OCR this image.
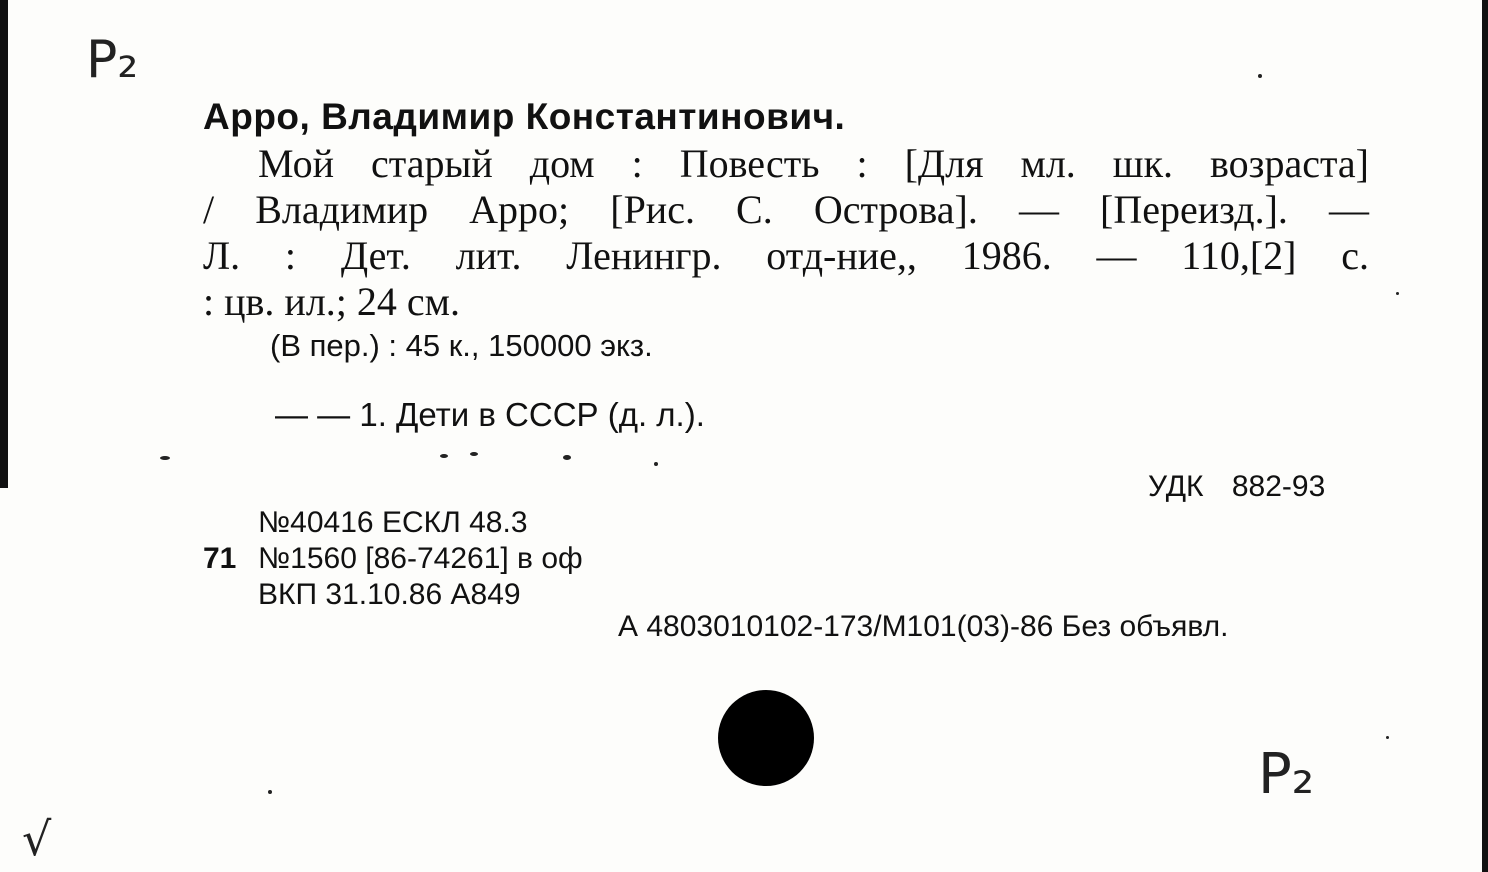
P₂
P₂
√
Арро, Владимир Константинович.
Мой старый дом : Повесть : [Для мл. шк. возраста]
/ Владимир Арро; [Рис. С. Острова]. — [Переизд.]. —
Л. : Дет. лит. Ленингр. отд-ние,, 1986. — 110,[2] с.
: цв. ил.; 24 см.
(В пер.) : 45 к., 150000 экз.
— — 1. Дети в СССР (д. л.).
УДК 882-93
№40416 ЕСКЛ 48.3
71 №1560 [86-74261] в оф
ВКП 31.10.86 А849
А 4803010102-173/М101(03)-86 Без объявл.
